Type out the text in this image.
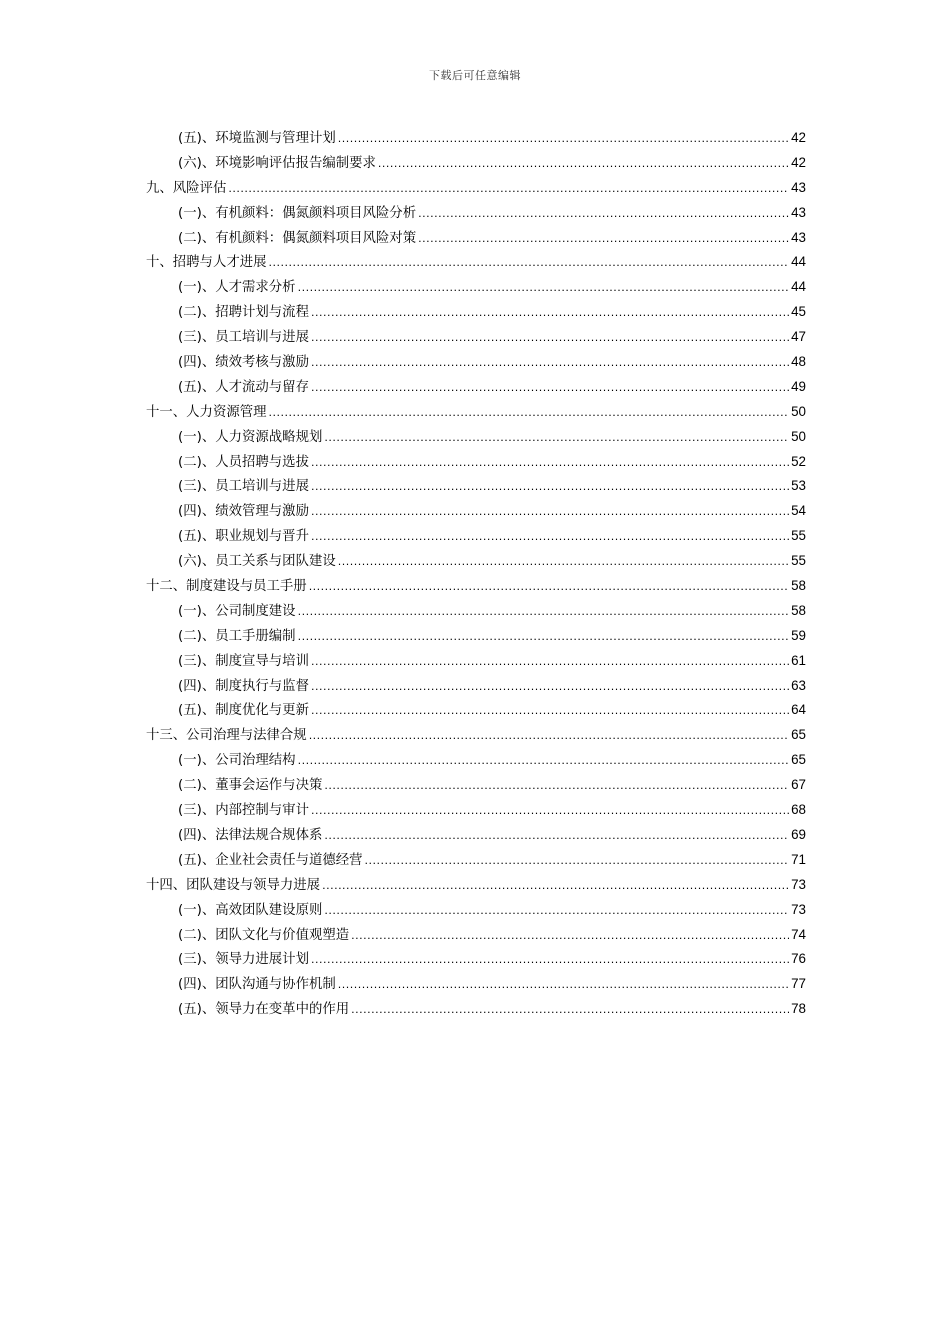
下载后可任意编辑
(五)、环境监测与管理计划 .....	42
(六)、环境影响评估报告编制要求 .....	42
九、风险评估 .....	43
(一)、有机颜料：偶氮颜料项目风险分析 .....	43
(二)、有机颜料：偶氮颜料项目风险对策 .....	43
十、招聘与人才进展 .....	44
(一)、人才需求分析 .....	44
(二)、招聘计划与流程 .....	45
(三)、员工培训与进展 .....	47
(四)、绩效考核与激励 .....	48
(五)、人才流动与留存 .....	49
十一、人力资源管理 .....	50
(一)、人力资源战略规划 .....	50
(二)、人员招聘与选拔 .....	52
(三)、员工培训与进展 .....	53
(四)、绩效管理与激励 .....	54
(五)、职业规划与晋升 .....	55
(六)、员工关系与团队建设 .....	55
十二、制度建设与员工手册 .....	58
(一)、公司制度建设 .....	58
(二)、员工手册编制 .....	59
(三)、制度宣导与培训 .....	61
(四)、制度执行与监督 .....	63
(五)、制度优化与更新 .....	64
十三、公司治理与法律合规 .....	65
(一)、公司治理结构 .....	65
(二)、董事会运作与决策 .....	67
(三)、内部控制与审计 .....	68
(四)、法律法规合规体系 .....	69
(五)、企业社会责任与道德经营 .....	71
十四、团队建设与领导力进展 .....	73
(一)、高效团队建设原则 .....	73
(二)、团队文化与价值观塑造 .....	74
(三)、领导力进展计划 .....	76
(四)、团队沟通与协作机制 .....	77
(五)、领导力在变革中的作用 .....	78
